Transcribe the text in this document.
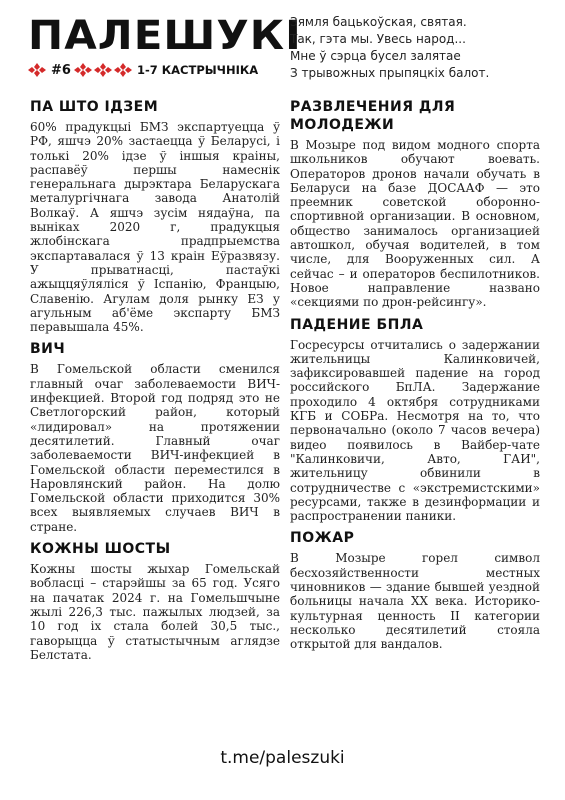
ПАЛЕШУКІ
#6	1-7 КАСТРЫЧНІКА
Зямля бацькоўская, святая.
Так, гэта мы. Увесь народ...
Мне ў сэрца бусел залятае
З трывожных прыпяцкіх балот.
ПА ШТО ІДЗЕМ

60% прадукцыі БМЗ экспартуецца ў РФ, яшчэ 20% застаецца ў Беларусі, і толькі 20% ідзе ў іншыя краіны, распавёў першы намеснік генеральнага дырэктара Беларускага металургічнага завода Анатолій Волкаў. А яшчэ зусім нядаўна, па выніках 2020 г, прадукцыя жлобінскага прадпрыемства экспартавалася ў 13 краін Еўразвязу. У прыватнасці, пастаўкі ажыццяўляліся ў Іспанію, Францыю, Славенію. Агулам доля рынку ЕЗ у агульным аб'ёме экспарту БМЗ перавышала 45%.

ВИЧ

В Гомельской области сменился главный очаг заболеваемости ВИЧ-инфекцией. Второй год подряд это не Светлогорский район, который «лидировал» на протяжении десятилетий. Главный очаг заболеваемости ВИЧ-инфекцией в Гомельской области переместился в Наровлянский район. На долю Гомельской области приходится 30% всех выявляемых случаев ВИЧ в стране.

КОЖНЫ ШОСТЫ

Кожны шосты жыхар Гомельскай вобласці – старэйшы за 65 год. Усяго на пачатак 2024 г. на Гомельшчыне жылі 226,3 тыс. пажылых людзей, за 10 год іх стала болей 30,5 тыс., гаворыцца ў статыстычным аглядзе Белстата.

РАЗВЛЕЧЕНИЯ ДЛЯ МОЛОДЕЖИ

В Мозыре под видом модного спорта школьников обучают воевать. Операторов дронов начали обучать в Беларуси на базе ДОСААФ — это преемник советской оборонно-спортивной организации. В основном, общество занималось организацией автошкол, обучая водителей, в том числе, для Вооруженных сил. А сейчас – и операторов беспилотников. Новое направление названо «секциями по дрон-рейсингу».

ПАДЕНИЕ БПЛА

Госресурсы отчитались о задержании жительницы Калинковичей, зафиксировавшей падение на город российского БпЛА. Задержание проходило 4 октября сотрудниками КГБ и СОБРа. Несмотря на то, что первоначально (около 7 часов вечера) видео появилось в Вайбер-чате "Калинковичи, Авто, ГАИ", жительницу обвинили в сотрудничестве с «экстремистскими» ресурсами, также в дезинформации и распространении паники.

ПОЖАР

В Мозыре горел символ бесхозяйственности местных чиновников — здание бывшей уездной больницы начала XX века. Историко-культурная ценность II категории несколько десятилетий стояла открытой для вандалов.

t.me/paleszuki
